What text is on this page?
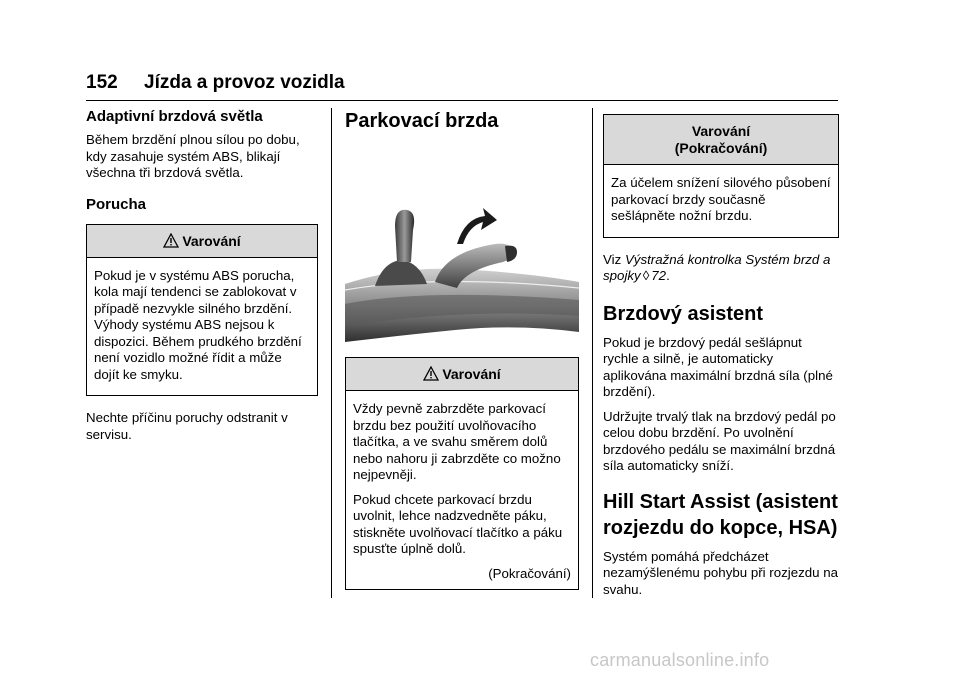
152 Jízda a provoz vozidla
Adaptivní brzdová světla

Během brzdění plnou sílou po dobu, kdy zasahuje systém ABS, blikají všechna tři brzdová světla.

Porucha
Varování

Pokud je v systému ABS porucha, kola mají tendenci se zablokovat v případě nezvykle silného brzdění. Výhody systému ABS nejsou k dispozici. Během prudkého brzdění není vozidlo možné řídit a může dojít ke smyku.

Nechte příčinu poruchy odstranit v servisu.

Parkovací brzda
Varování

Vždy pevně zabrzděte parkovací brzdu bez použití uvolňovacího tlačítka, a ve svahu směrem dolů nebo nahoru ji zabrzděte co možno nejpevněji.

Pokud chcete parkovací brzdu uvolnit, lehce nadzvedněte páku, stiskněte uvolňovací tlačítko a páku spusťte úplně dolů.

(Pokračování)
Varování
(Pokračování)

Za účelem snížení silového působení parkovací brzdy současně sešlápněte nožní brzdu.

Viz Výstražná kontrolka Systém brzd a spojky ◊ 72.

Brzdový asistent

Pokud je brzdový pedál sešlápnut rychle a silně, je automaticky aplikována maximální brzdná síla (plné brzdění).

Udržujte trvalý tlak na brzdový pedál po celou dobu brzdění. Po uvolnění brzdového pedálu se maximální brzdná síla automaticky sníží.

Hill Start Assist (asistent rozjezdu do kopce, HSA)

Systém pomáhá předcházet nezamýšlenému pohybu při rozjezdu na svahu.

carmanualsonline.info
